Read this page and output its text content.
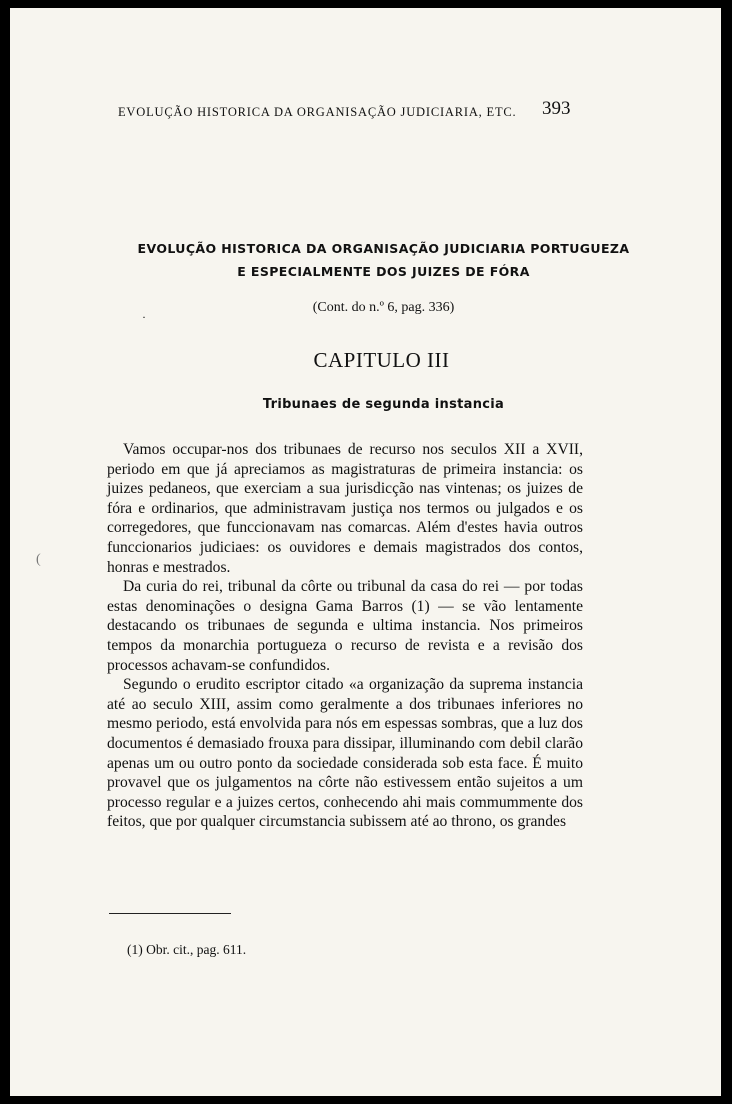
EVOLUÇÃO HISTORICA DA ORGANISAÇÃO JUDICIARIA, ETC.	393
EVOLUÇÃO HISTORICA DA ORGANISAÇÃO JUDICIARIA PORTUGUEZA
E ESPECIALMENTE DOS JUIZES DE FÓRA
·
(Cont. do n.º 6, pag. 336)
CAPITULO III
Tribunaes de segunda instancia

Vamos occupar-nos dos tribunaes de recurso nos seculos XII a XVII, periodo em que já apreciamos as magistraturas de primeira instancia: os juizes pedaneos, que exerciam a sua jurisdicção nas vintenas; os juizes de fóra e ordinarios, que administravam justiça nos termos ou julgados e os corregedores, que funccionavam nas comarcas. Além d'estes havia outros funccionarios judiciaes: os ouvidores e demais magistrados dos contos, honras e mestrados.

Da curia do rei, tribunal da côrte ou tribunal da casa do rei — por todas estas denominações o designa Gama Barros (1) — se vão lentamente destacando os tribunaes de segunda e ultima instancia. Nos primeiros tempos da monarchia portugueza o recurso de revista e a revisão dos processos achavam-se confundidos.

Segundo o erudito escriptor citado «a organização da suprema instancia até ao seculo XIII, assim como geralmente a dos tribunaes inferiores no mesmo periodo, está envolvida para nós em espessas sombras, que a luz dos documentos é demasiado frouxa para dissipar, illuminando com debil clarão apenas um ou outro ponto da sociedade considerada sob esta face. É muito provavel que os julgamentos na côrte não estivessem então sujeitos a um processo regular e a juizes certos, conhecendo ahi mais commummente dos feitos, que por qualquer circumstancia subissem até ao throno, os grandes

(
(1) Obr. cit., pag. 611.
